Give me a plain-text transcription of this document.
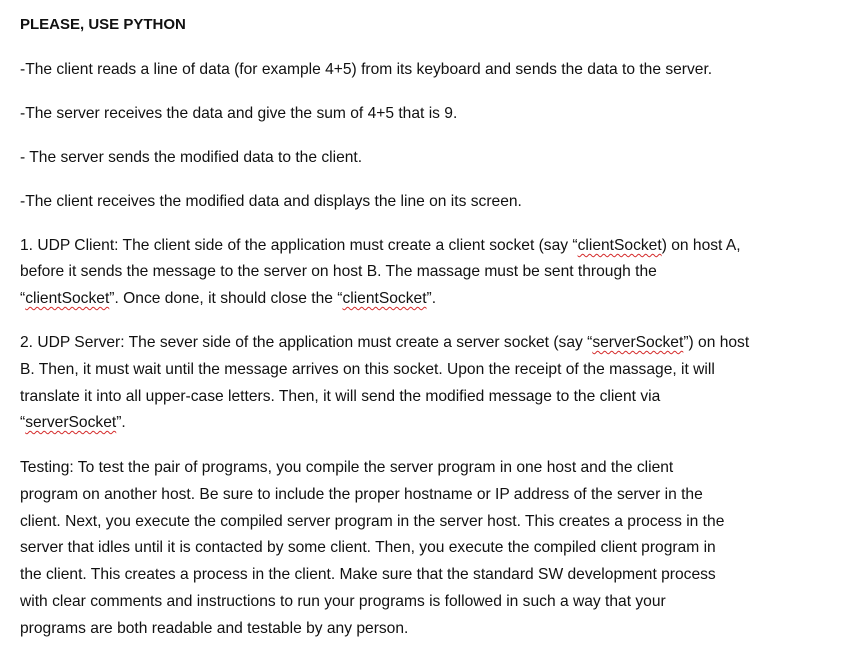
PLEASE, USE PYTHON
-The client reads a line of data (for example 4+5) from its keyboard and sends the data to the server.
-The server receives the data and give the sum of 4+5 that is 9.
- The server sends the modified data to the client.
-The client receives the modified data and displays the line on its screen.
1. UDP Client: The client side of the application must create a client socket (say “clientSocket) on host A,
before it sends the message to the server on host B. The massage must be sent through the
“clientSocket”. Once done, it should close the “clientSocket”.
2. UDP Server: The sever side of the application must create a server socket (say “serverSocket”) on host
B. Then, it must wait until the message arrives on this socket. Upon the receipt of the massage, it will
translate it into all upper-case letters. Then, it will send the modified message to the client via
“serverSocket”.
Testing: To test the pair of programs, you compile the server program in one host and the client
program on another host. Be sure to include the proper hostname or IP address of the server in the
client. Next, you execute the compiled server program in the server host. This creates a process in the
server that idles until it is contacted by some client. Then, you execute the compiled client program in
the client. This creates a process in the client. Make sure that the standard SW development process
with clear comments and instructions to run your programs is followed in such a way that your
programs are both readable and testable by any person.
